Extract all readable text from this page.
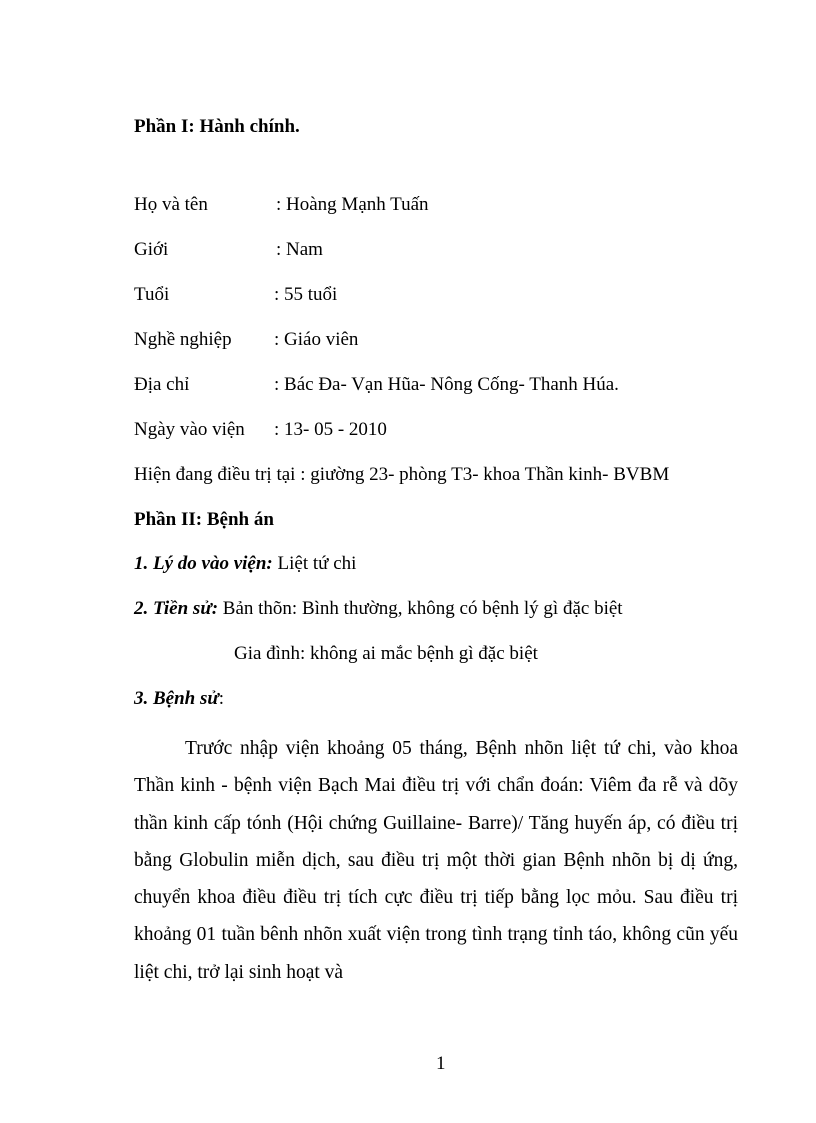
Phần I: Hành chính.
Họ và tên	: Hoàng Mạnh Tuấn
Giới	: Nam
Tuổi	: 55 tuổi
Nghề nghiệp : Giáo viên
Địa chỉ	: Bác Đa- Vạn Hũa- Nông Cống- Thanh Húa.
Ngày vào viện : 13- 05 - 2010
Hiện đang điều trị tại : giường 23- phòng T3- khoa Thần kinh- BVBM
Phần II: Bệnh án
1. Lý do vào viện: Liệt tứ chi
2. Tiền sử: Bản thõn: Bình thường, không có bệnh lý gì đặc biệt
Gia đình: không ai mắc bệnh gì đặc biệt
3. Bệnh sử:
Trước nhập viện khoảng 05 tháng, Bệnh nhõn liệt tứ chi, vào khoa Thần kinh - bệnh viện Bạch Mai điều trị với chẩn đoán: Viêm đa rễ và dõy thần kinh cấp tónh (Hội chứng Guillaine- Barre)/ Tăng huyến áp, có điều trị bằng Globulin miễn dịch, sau điều trị một thời gian Bệnh nhõn bị dị ứng, chuyển khoa điều điều trị tích cực điều trị tiếp bằng lọc mỏu. Sau điều trị khoảng 01 tuần bênh nhõn xuất viện trong tình trạng tỉnh táo, không cũn yếu liệt chi, trở lại sinh hoạt và
1
